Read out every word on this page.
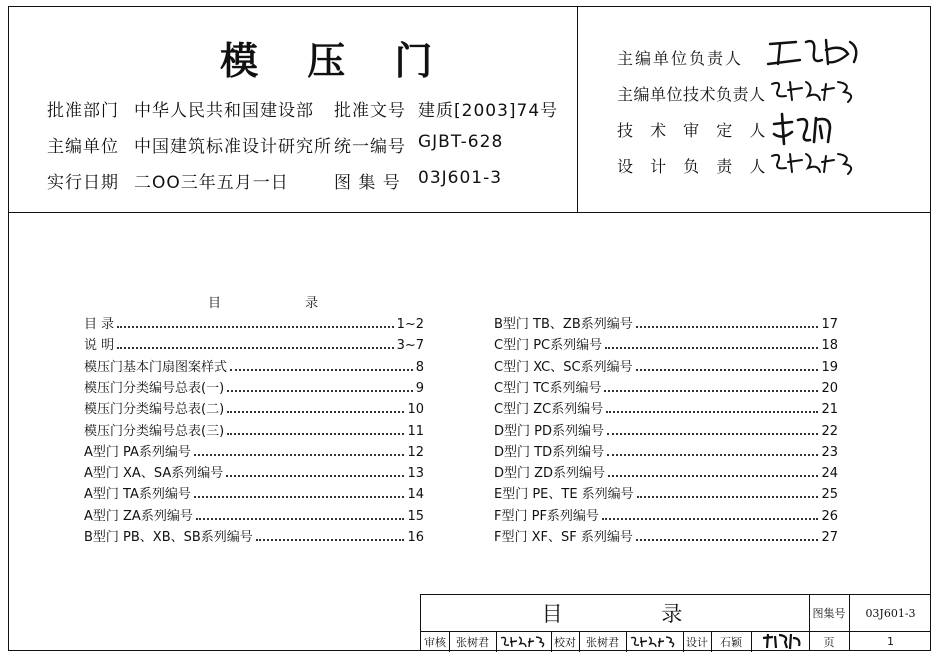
模 压 门
批准部门 中华人民共和国建设部 批准文号 建质[2003]74号
主编单位 中国建筑标准设计研究所 统一编号 GJBT-628
实行日期 二OO三年五月一日	图 集 号 03J601-3
主编单位负责人
主编单位技术负责人
技 术 审 定 人
设 计 负 责 人
目 录
目 录	1~2
说 明	3~7
模压门基本门扇图案样式	8
模压门分类编号总表(一)	9
模压门分类编号总表(二)	10
模压门分类编号总表(三)	11
A型门 PA系列编号	12
A型门 XA、SA系列编号	13
A型门 TA系列编号	14
A型门 ZA系列编号	15
B型门 PB、XB、SB系列编号	16
B型门 TB、ZB系列编号	17
C型门 PC系列编号	18
C型门 XC、SC系列编号	19
C型门 TC系列编号	20
C型门 ZC系列编号	21
D型门 PD系列编号	22
D型门 TD系列编号	23
D型门 ZD系列编号	24
E型门 PE、TE 系列编号	25
F型门 PF系列编号	26
F型门 XF、SF 系列编号	27
目 录	图集号	03J601-3
审核 张树君	校对 张树君	设计	石颖	页	1
